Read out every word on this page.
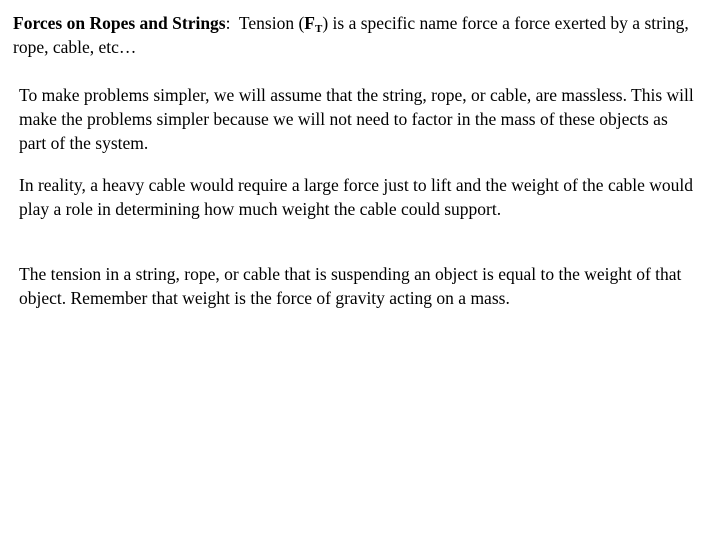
Forces on Ropes and Strings:  Tension $(F_T)$ is a specific name force a force exerted by a string, rope, cable, etc…

To make problems simpler, we will assume that the string, rope, or cable, are massless. This will make the problems simpler because we will not need to factor in the mass of these objects as part of the system.

In reality, a heavy cable would require a large force just to lift and the weight of the cable would play a role in determining how much weight the cable could support.

The tension in a string, rope, or cable that is suspending an object is equal to the weight of that object. Remember that weight is the force of gravity acting on a mass.
